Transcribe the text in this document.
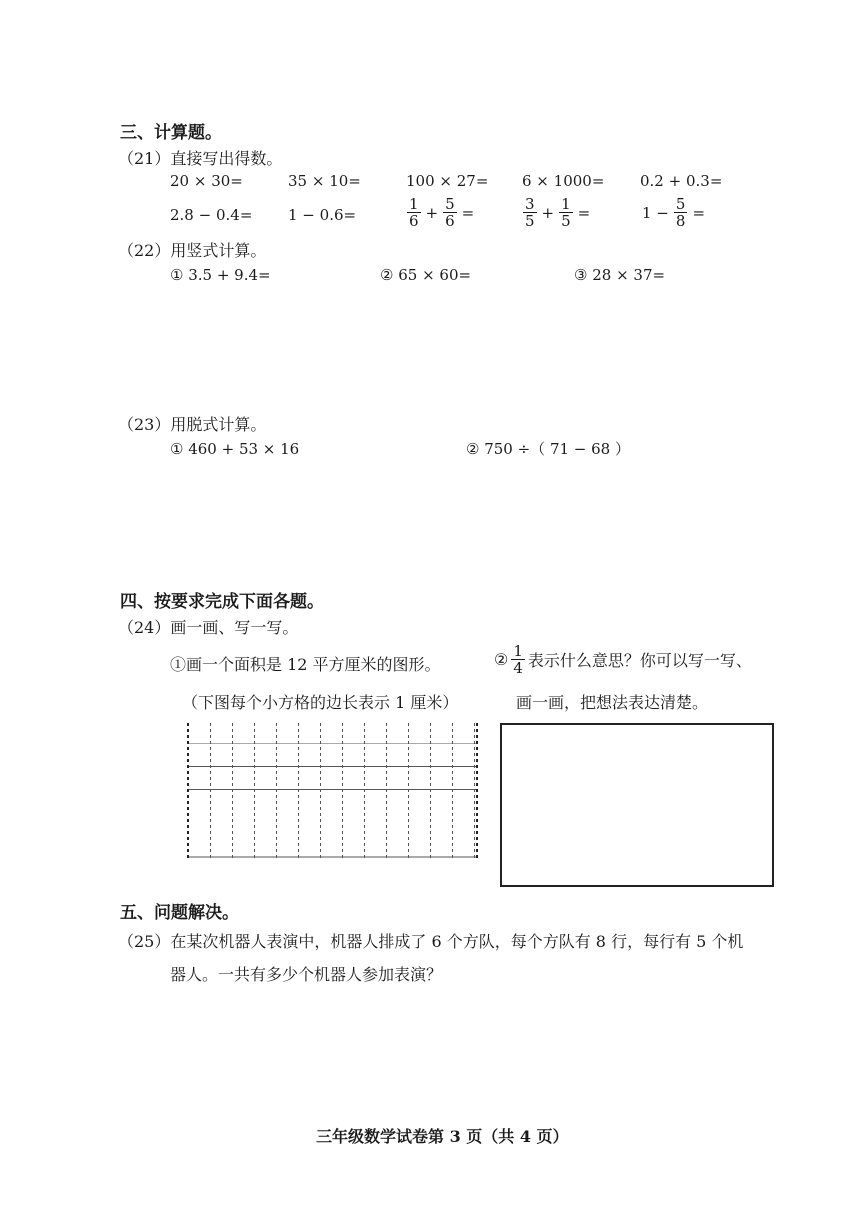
三、计算题。
（21）直接写出得数。
20 × 30=	35 × 10=	100 × 27= 6 × 1000= 0.2 + 0.3=
2.8 − 0.4= 1 − 0.6=	$\frac{1}{6} + \frac{5}{6}$ =	$\frac{3}{5} + \frac{1}{5}$ =	$1 - \frac{5}{8}$ =
（22）用竖式计算。
① 3.5 + 9.4=	② 65 × 60=	③ 28 × 37=
（23）用脱式计算。
① 460 + 53 × 16	② 750 ÷（ 71 − 68 ）
四、按要求完成下面各题。
（24）画一画、写一写。
①画一个面积是 12 平方厘米的图形。
（下图每个小方格的边长表示 1 厘米）
② $\frac{1}{4}$ 表示什么意思？你可以写一写、
画一画，把想法表达清楚。
五、问题解决。
（25）在某次机器人表演中，机器人排成了 6 个方队，每个方队有 8 行，每行有 5 个机
器人。一共有多少个机器人参加表演？
三年级数学试卷第 3 页（共 4 页）
